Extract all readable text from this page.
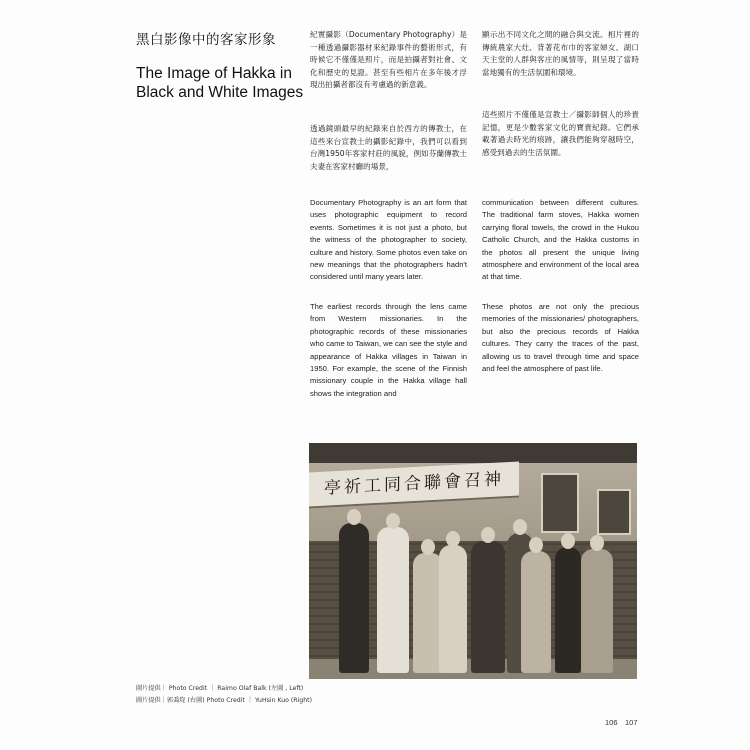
黑白影像中的客家形象
The Image of Hakka in Black and White Images

紀實攝影（Documentary Photography）是一種透過攝影器材來紀錄事件的藝術形式，有時候它不僅僅是照片，而是拍攝者對社會、文化和歷史的見證。甚至有些相片在多年後才浮現出拍攝者都沒有考慮過的新意義。

透過鏡頭最早的紀錄來自於西方的傳教士，在這些來台宣教士的攝影紀錄中，我們可以看到台灣1950年客家村莊的風貌，例如芬蘭傳教士夫妻在客家村廳的場景，

Documentary Photography is an art form that uses photographic equipment to record events. Sometimes it is not just a photo, but the witness of the photographer to society, culture and history. Some photos even take on new meanings that the photographers hadn't considered until many years later.

The earliest records through the lens came from Western missionaries. In the photographic records of these missionaries who came to Taiwan, we can see the style and appearance of Hakka villages in Taiwan in 1950. For example, the scene of the Finnish missionary couple in the Hakka village hall shows the integration and

顯示出不同文化之間的融合與交流。相片裡的傳統農家大灶、背著花布巾的客家婦女、湖口天主堂的人群與客庄的風情等，則呈現了當時當地獨有的生活氛圍和環境。

這些照片不僅僅是宣教士／攝影師個人的珍貴記憶，更是少數客家文化的寶貴紀錄。它們承載著過去時光的痕跡，讓我們能夠穿越時空，感受到過去的生活氛圍。

communication between different cultures. The traditional farm stoves, Hakka women carrying floral towels, the crowd in the Hukou Catholic Church, and the Hakka customs in the photos all present the unique living atmosphere and environment of the local area at that time.

These photos are not only the precious memories of the missionaries/ photographers, but also the precious records of Hakka cultures. They carry the traces of the past, allowing us to travel through time and space and feel the atmosphere of past life.

亭祈工同合聯會召神
圖片提供｜ Photo Credit ｜ Raimo Olaf Balk (左圖 , Left)
圖片提供｜郭喬琁 (右圖) Photo Credit ｜ YuHsin Kuo (Right)
106 107
